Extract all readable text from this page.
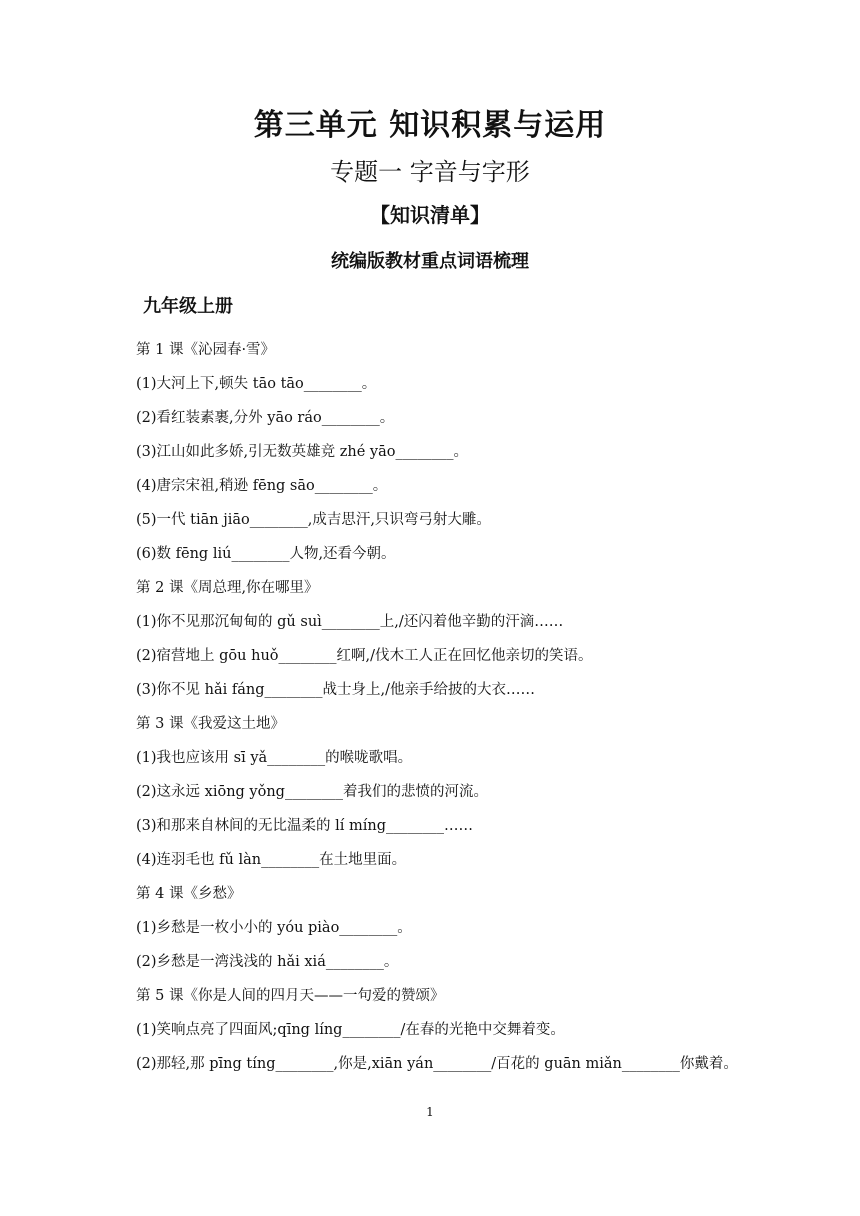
第三单元 知识积累与运用
专题一 字音与字形
【知识清单】
统编版教材重点词语梳理
九年级上册
第 1 课《沁园春·雪》
(1)大河上下,顿失 tāo tāo________。
(2)看红装素裹,分外 yāo ráo________。
(3)江山如此多娇,引无数英雄竞 zhé yāo________。
(4)唐宗宋祖,稍逊 fēng sāo________。
(5)一代 tiān jiāo________,成吉思汗,只识弯弓射大雕。
(6)数 fēng liú________人物,还看今朝。
第 2 课《周总理,你在哪里》
(1)你不见那沉甸甸的 gǔ suì________上,/还闪着他辛勤的汗滴……
(2)宿营地上 gōu huǒ________红啊,/伐木工人正在回忆他亲切的笑语。
(3)你不见 hǎi fáng________战士身上,/他亲手给披的大衣……
第 3 课《我爱这土地》
(1)我也应该用 sī yǎ________的喉咙歌唱。
(2)这永远 xiōng yǒng________着我们的悲愤的河流。
(3)和那来自林间的无比温柔的 lí míng________……
(4)连羽毛也 fǔ làn________在土地里面。
第 4 课《乡愁》
(1)乡愁是一枚小小的 yóu piào________。
(2)乡愁是一湾浅浅的 hǎi xiá________。
第 5 课《你是人间的四月天——一句爱的赞颂》
(1)笑响点亮了四面风;qīng líng________/在春的光艳中交舞着变。
(2)那轻,那 pīng tíng________,你是,xiān yán________/百花的 guān miǎn________你戴着。
1
